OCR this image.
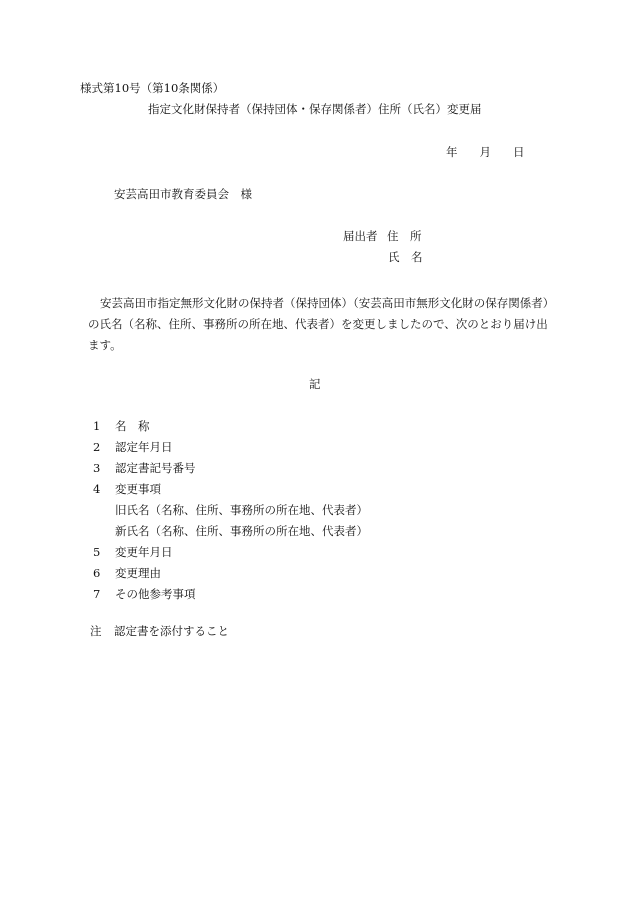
様式第10号（第10条関係）
指定文化財保持者（保持団体・保存関係者）住所（氏名）変更届
年 月 日
安芸高田市教育委員会　様
届出者 住　所
氏　名
安芸高田市指定無形文化財の保持者（保持団体）（安芸高田市無形文化財の保存関係者）の氏名（名称、住所、事務所の所在地、代表者）を変更しましたので、次のとおり届け出ます。
記
1 名　称
2 認定年月日
3 認定書記号番号
4 変更事項
旧氏名（名称、住所、事務所の所在地、代表者）
新氏名（名称、住所、事務所の所在地、代表者）
5 変更年月日
6 変更理由
7 その他参考事項
注 認定書を添付すること
